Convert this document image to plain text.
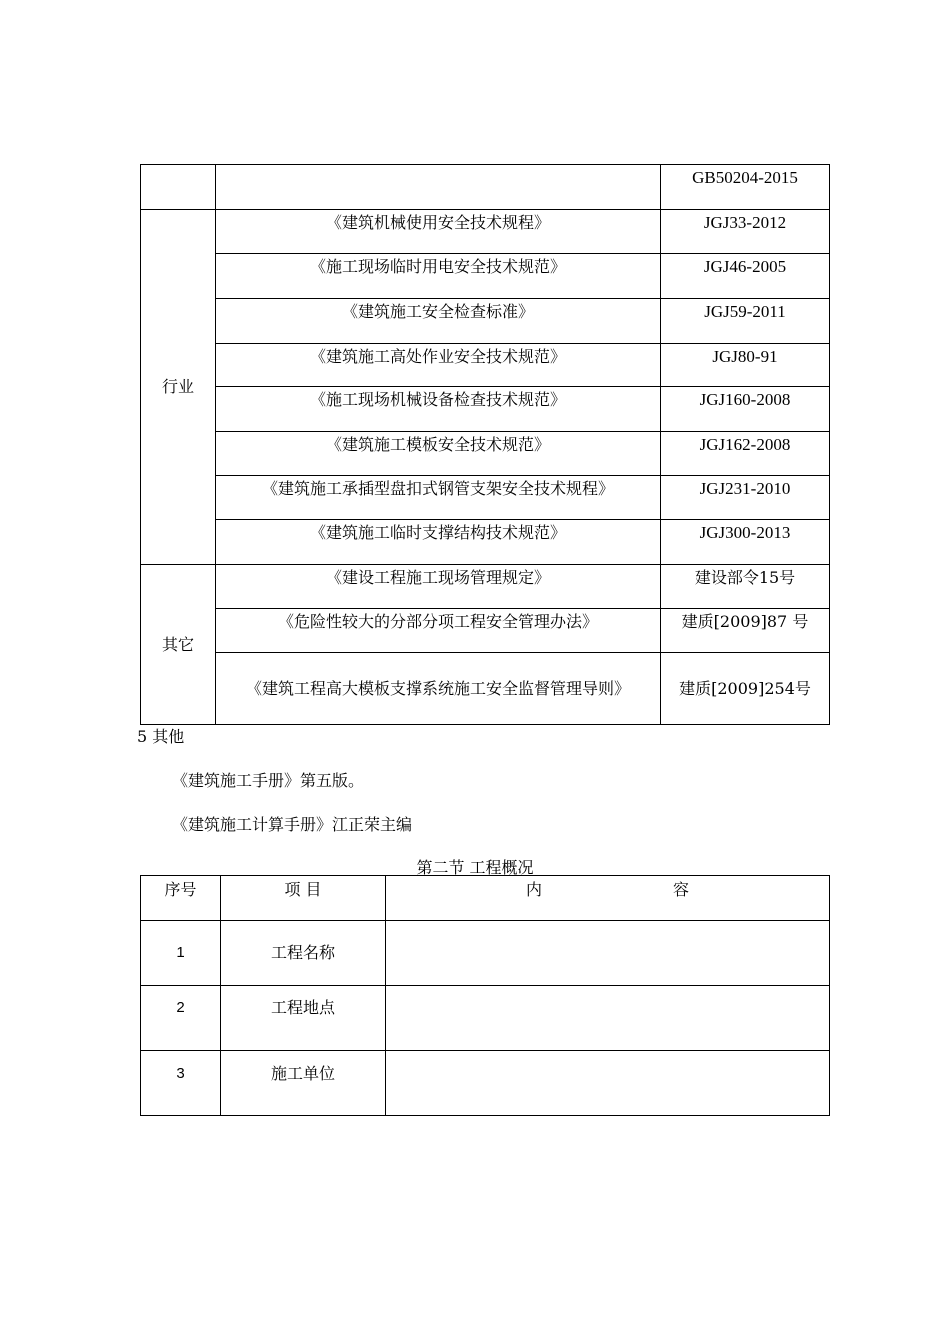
		GB50204-2015
行业	《建筑机械使用安全技术规程》	JGJ33-2012
	《施工现场临时用电安全技术规范》	JGJ46-2005
	《建筑施工安全检查标准》	JGJ59-2011
	《建筑施工高处作业安全技术规范》	JGJ80-91
	《施工现场机械设备检查技术规范》	JGJ160-2008
	《建筑施工模板安全技术规范》	JGJ162-2008
	《建筑施工承插型盘扣式钢管支架安全技术规程》	JGJ231-2010
	《建筑施工临时支撑结构技术规范》	JGJ300-2013
其它	《建设工程施工现场管理规定》	建设部令15号
	《危险性较大的分部分项工程安全管理办法》	建质[2009]87 号
	《建筑工程高大模板支撑系统施工安全监督管理导则》	建质[2009]254号
5 其他
《建筑施工手册》第五版。
《建筑施工计算手册》江正荣主编
第二节 工程概况
序号	项 目	内 容

1	工程名称	
2	工程地点	
3	施工单位	
